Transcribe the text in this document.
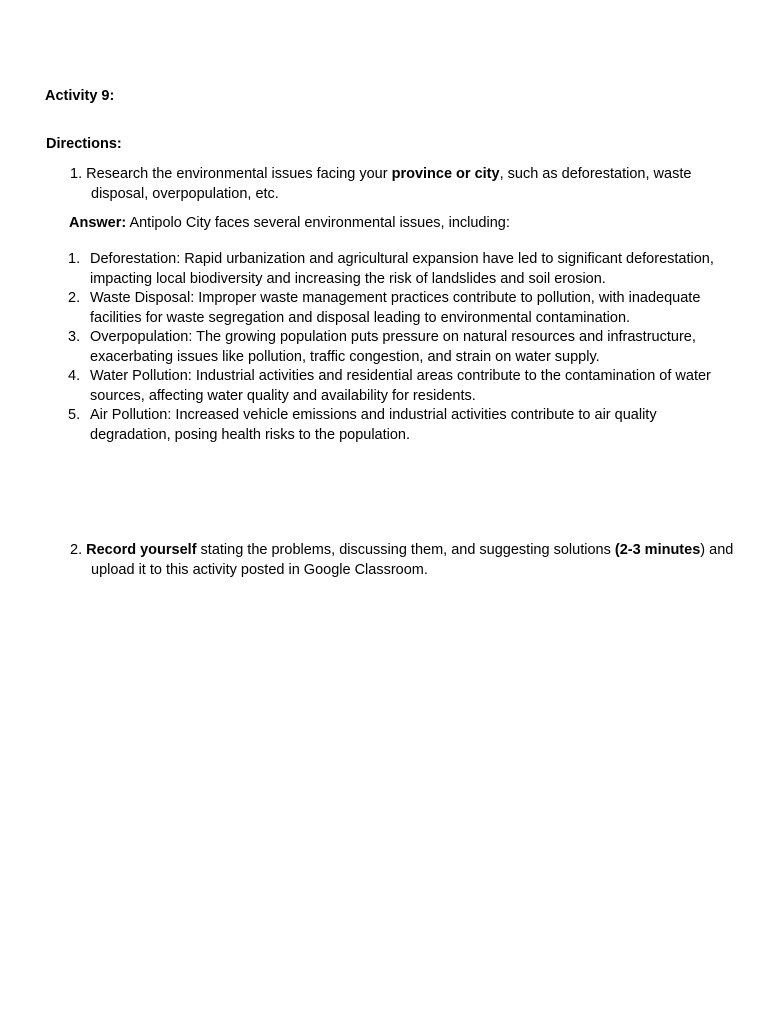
Activity 9:
Directions:
1. Research the environmental issues facing your province or city, such as deforestation, waste disposal, overpopulation, etc.
Answer: Antipolo City faces several environmental issues, including:
1. Deforestation: Rapid urbanization and agricultural expansion have led to significant deforestation, impacting local biodiversity and increasing the risk of landslides and soil erosion.
2. Waste Disposal: Improper waste management practices contribute to pollution, with inadequate facilities for waste segregation and disposal leading to environmental contamination.
3. Overpopulation: The growing population puts pressure on natural resources and infrastructure, exacerbating issues like pollution, traffic congestion, and strain on water supply.
4. Water Pollution: Industrial activities and residential areas contribute to the contamination of water sources, affecting water quality and availability for residents.
5. Air Pollution: Increased vehicle emissions and industrial activities contribute to air quality degradation, posing health risks to the population.
2. Record yourself stating the problems, discussing them, and suggesting solutions (2-3 minutes) and upload it to this activity posted in Google Classroom.
